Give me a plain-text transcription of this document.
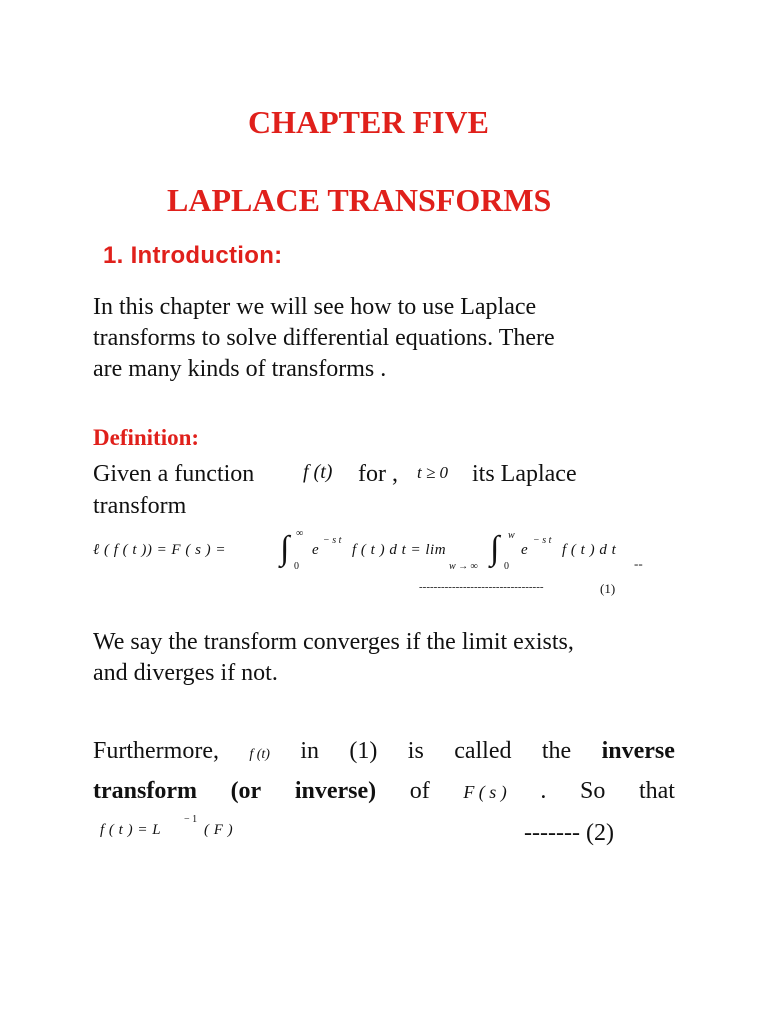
CHAPTER FIVE
LAPLACE TRANSFORMS
1. Introduction:
In this chapter we will see how to use Laplace
transforms to solve differential equations. There
are many kinds of transforms .
Definition:
Given a function f (t) for , t ≥ 0 its Laplace
transform
ℓ ( f ( t )) = F ( s ) = ∫ ∞
0
e
− s t
f ( t ) d t = lim
w → ∞ ∫ w
0
e
− s t
f ( t ) d t
--
----------------------------------	(1)
We say the transform converges if the limit exists,
and diverges if not.
Furthermore, f (t) in (1) is called the inverse
transform (or inverse) of F ( s ) . So that
f ( t ) = L
− 1
( F )	------- (2)
